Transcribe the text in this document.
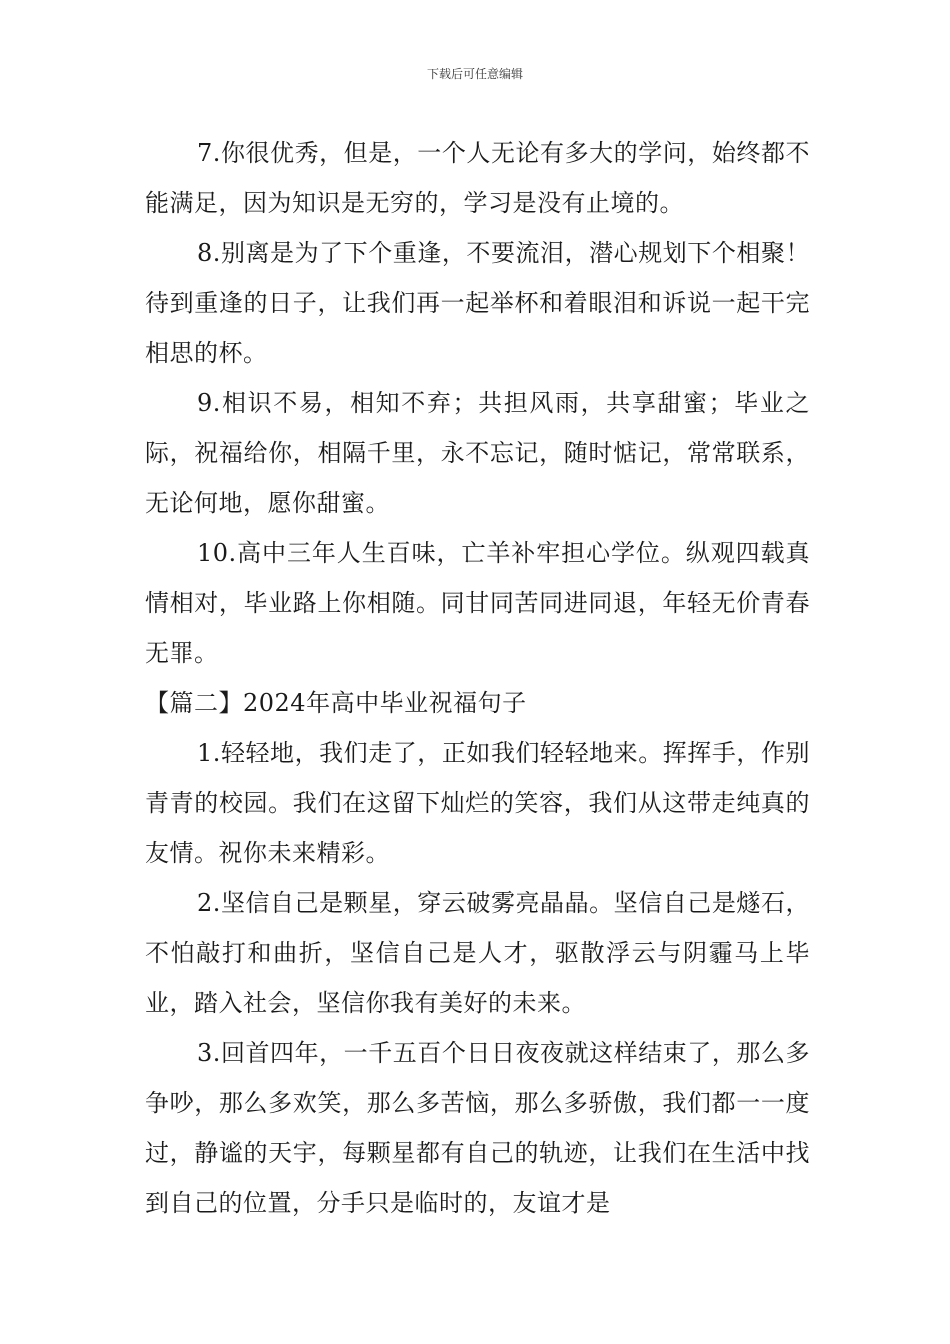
下载后可任意编辑

7.你很优秀，但是，一个人无论有多大的学问，始终都不能满足，因为知识是无穷的，学习是没有止境的。

8.别离是为了下个重逢，不要流泪，潜心规划下个相聚！待到重逢的日子，让我们再一起举杯和着眼泪和诉说一起干完相思的杯。

9.相识不易，相知不弃；共担风雨，共享甜蜜；毕业之际，祝福给你，相隔千里，永不忘记，随时惦记，常常联系，无论何地，愿你甜蜜。

10.高中三年人生百味，亡羊补牢担心学位。纵观四载真情相对，毕业路上你相随。同甘同苦同进同退，年轻无价青春无罪。

【篇二】2024年高中毕业祝福句子

1.轻轻地，我们走了，正如我们轻轻地来。挥挥手，作别青青的校园。我们在这留下灿烂的笑容，我们从这带走纯真的友情。祝你未来精彩。

2.坚信自己是颗星，穿云破雾亮晶晶。坚信自己是燧石，不怕敲打和曲折，坚信自己是人才，驱散浮云与阴霾马上毕业，踏入社会，坚信你我有美好的未来。

3.回首四年，一千五百个日日夜夜就这样结束了，那么多争吵，那么多欢笑，那么多苦恼，那么多骄傲，我们都一一度过，静谧的天宇，每颗星都有自己的轨迹，让我们在生活中找到自己的位置，分手只是临时的，友谊才是
